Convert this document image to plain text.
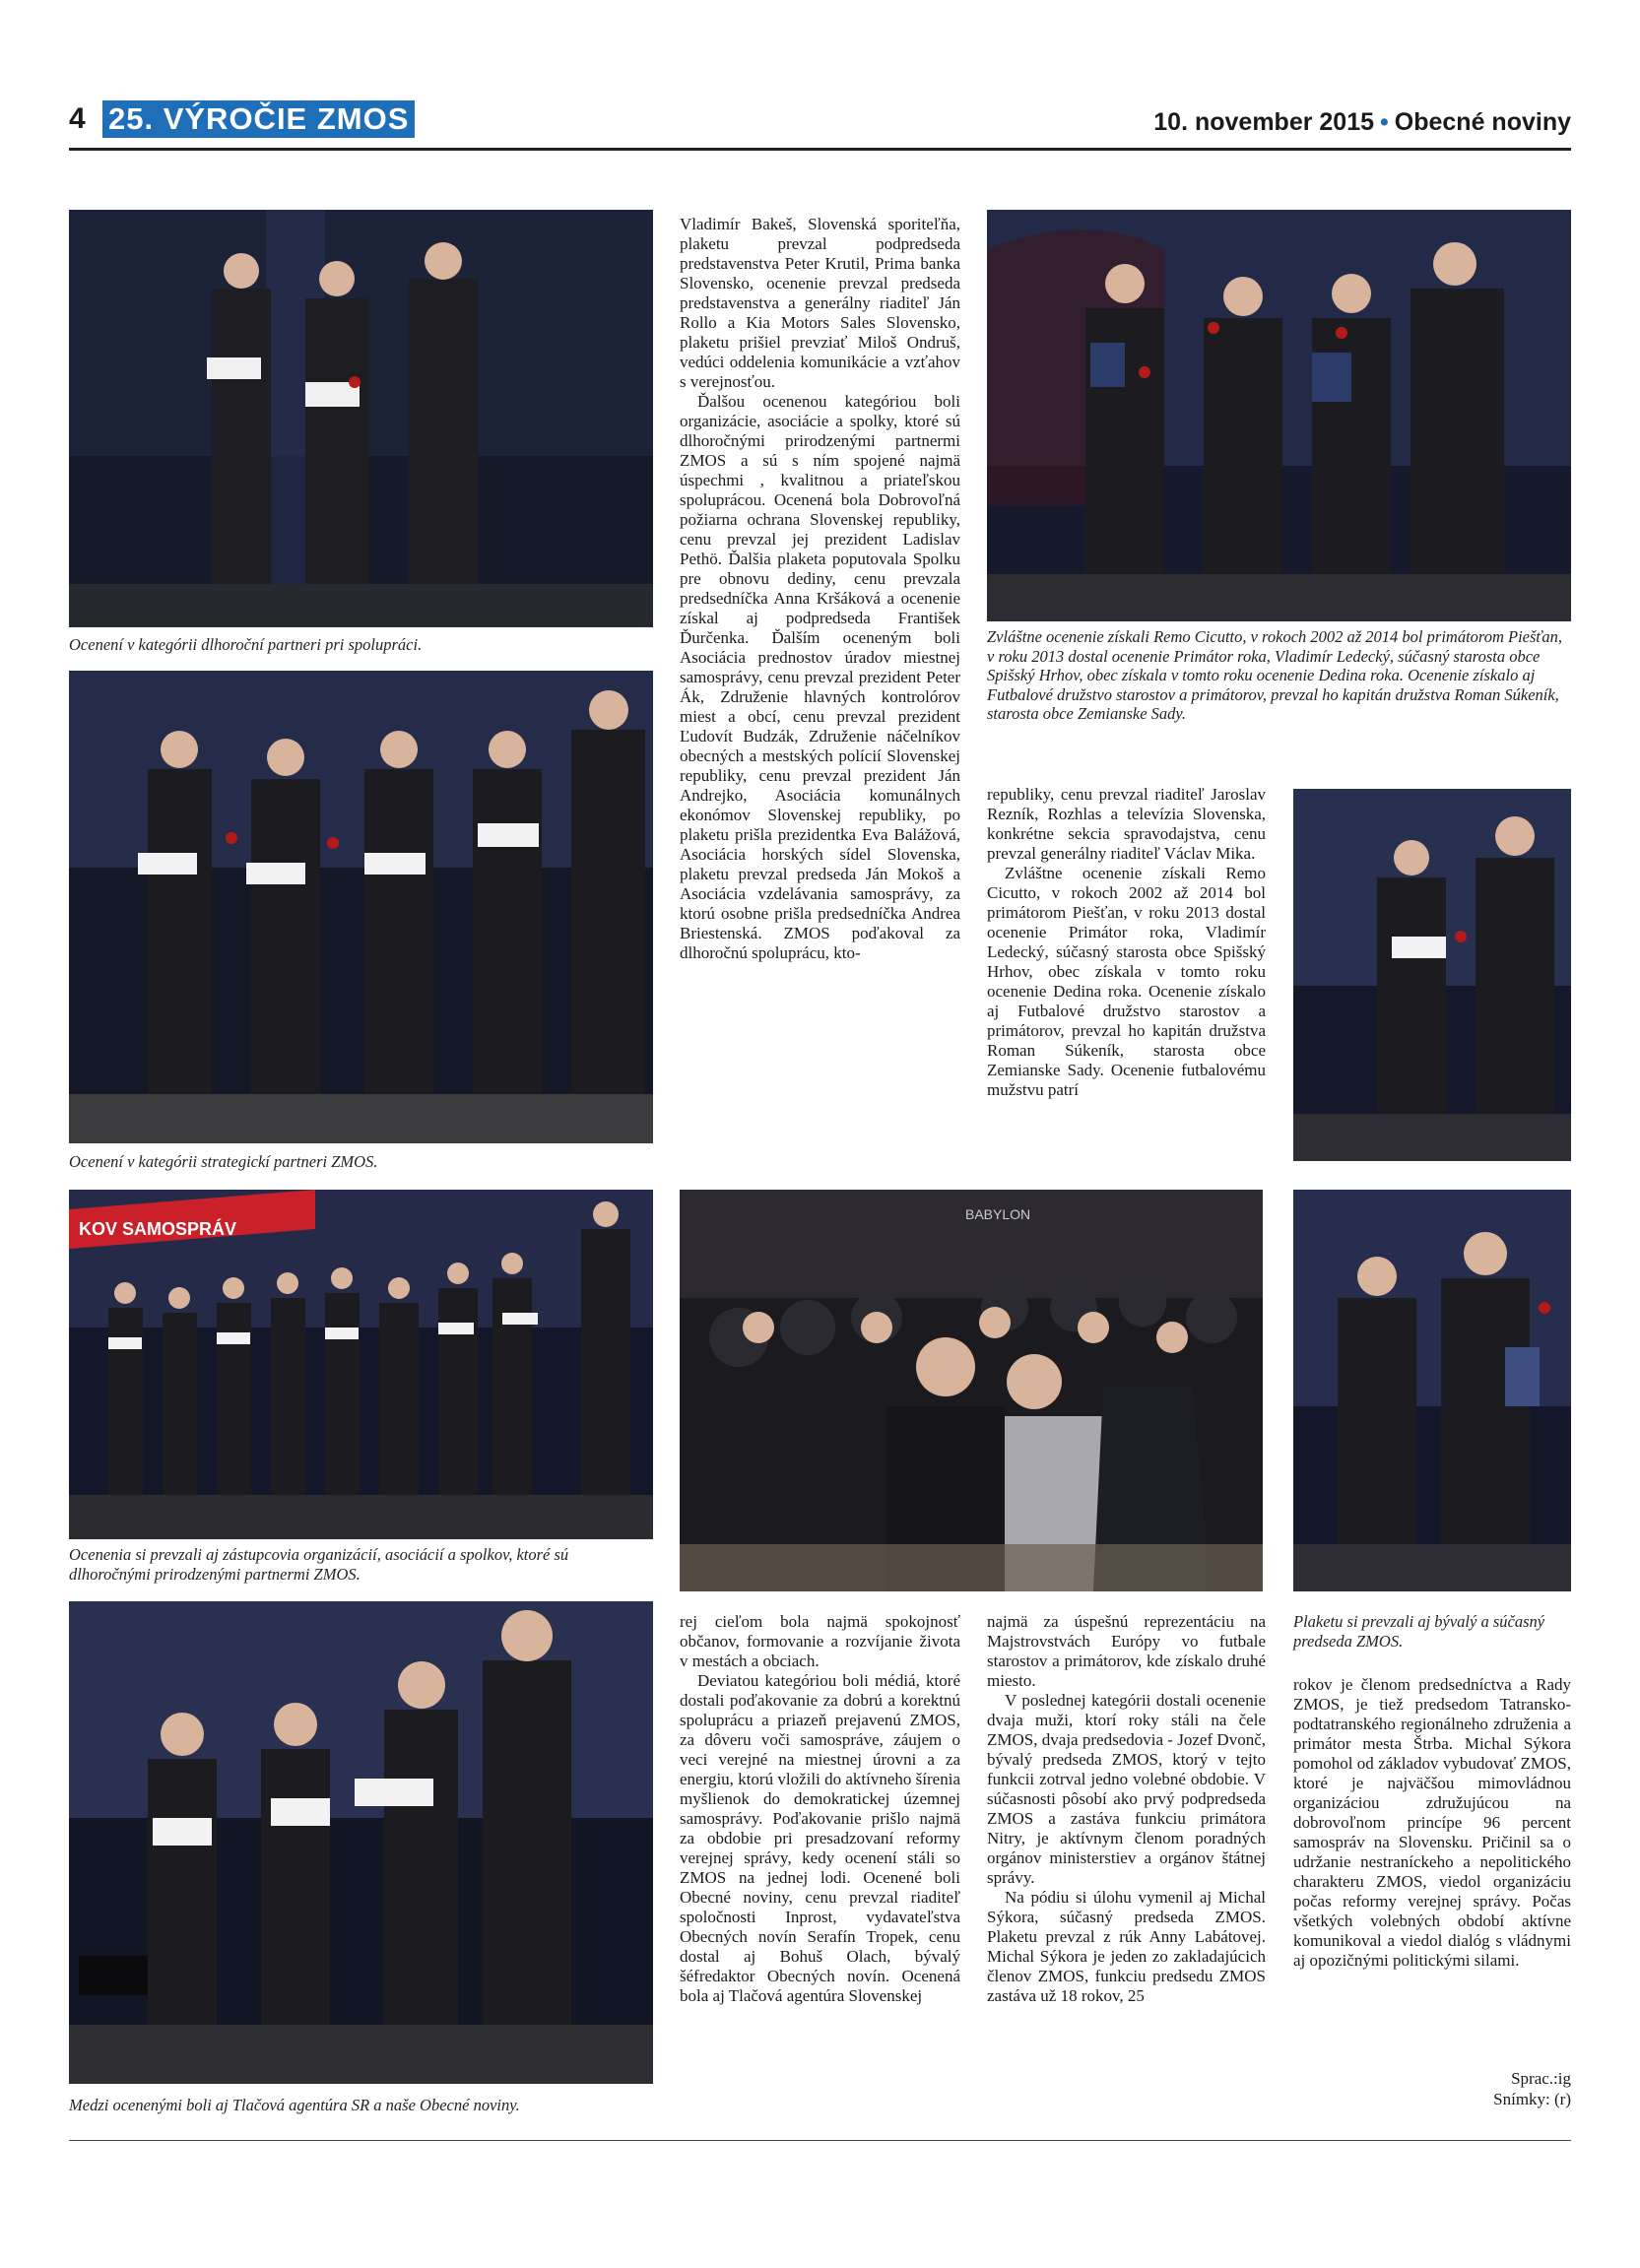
4 25. VÝROČIE ZMOS	10. november 2015 • Obecné noviny
Ocenení v kategórii dlhoroční partneri pri spolupráci.
Ocenení v kategórii strategickí partneri ZMOS.
KOV SAMOSPRÁV
Ocenenia si prevzali aj zástupcovia organizácií, asociácií a spolkov, ktoré sú dlhoročnými prirodzenými partnermi ZMOS.
Medzi ocenenými boli aj Tlačová agentúra SR a naše Obecné noviny.

Vladimír Bakeš, Slovenská sporiteľňa, plaketu prevzal podpredseda predstavenstva Peter Krutil, Prima banka Slovensko, ocenenie prevzal predseda predstavenstva a generálny riaditeľ Ján Rollo a Kia Motors Sales Slovensko, plaketu prišiel prevziať Miloš Ondruš, vedúci oddelenia komunikácie a vzťahov s verejnosťou.

Ďalšou ocenenou kategóriou boli organizácie, asociácie a spolky, ktoré sú dlhoročnými prirodzenými partnermi ZMOS a sú s ním spojené najmä úspechmi , kvalitnou a priateľskou spoluprácou. Ocenená bola Dobrovoľná požiarna ochrana Slovenskej republiky, cenu prevzal jej prezident Ladislav Pethö. Ďalšia plaketa poputovala Spolku pre obnovu dediny, cenu prevzala predsedníčka Anna Kršáková a ocenenie získal aj podpredseda František Ďurčenka. Ďalším oceneným boli Asociácia prednostov úradov miestnej samosprávy, cenu prevzal prezident Peter Ák, Združenie hlavných kontrolórov miest a obcí, cenu prevzal prezident Ľudovít Budzák, Združenie náčelníkov obecných a mestských polícií Slovenskej republiky, cenu prevzal prezident Ján Andrejko, Asociácia komunálnych ekonómov Slovenskej republiky, po plaketu prišla prezidentka Eva Balážová, Asociácia horských sídel Slovenska, plaketu prevzal predseda Ján Mokoš a Asociácia vzdelávania samosprávy, za ktorú osobne prišla predsedníčka Andrea Briestenská. ZMOS poďakoval za dlhoročnú spoluprácu, kto-

Zvláštne ocenenie získali Remo Cicutto, v rokoch 2002 až 2014 bol primátorom Piešťan, v roku 2013 dostal ocenenie Primátor roka, Vladimír Ledecký, súčasný starosta obce Spišský Hrhov, obec získala v tomto roku ocenenie Dedina roka. Ocenenie získalo aj Futbalové družstvo starostov a primátorov, prevzal ho kapitán družstva Roman Súkeník, starosta obce Zemianske Sady.

republiky, cenu prevzal riaditeľ Jaroslav Rezník, Rozhlas a televízia Slovenska, konkrétne sekcia spravodajstva, cenu prevzal generálny riaditeľ Václav Mika.

Zvláštne ocenenie získali Remo Cicutto, v rokoch 2002 až 2014 bol primátorom Piešťan, v roku 2013 dostal ocenenie Primátor roka, Vladimír Ledecký, súčasný starosta obce Spišský Hrhov, obec získala v tomto roku ocenenie Dedina roka. Ocenenie získalo aj Futbalové družstvo starostov a primátorov, prevzal ho kapitán družstva Roman Súkeník, starosta obce Zemianske Sady. Ocenenie futbalovému mužstvu patrí

BABYLON
Plaketu si prevzali aj bývalý a súčasný predseda ZMOS.

rej cieľom bola najmä spokojnosť občanov, formovanie a rozvíjanie života v mestách a obciach.

Deviatou kategóriou boli médiá, ktoré dostali poďakovanie za dobrú a korektnú spoluprácu a priazeň prejavenú ZMOS, za dôveru voči samospráve, záujem o veci verejné na miestnej úrovni a za energiu, ktorú vložili do aktívneho šírenia myšlienok do demokratickej územnej samosprávy. Poďakovanie prišlo najmä za obdobie pri presadzovaní reformy verejnej správy, kedy ocenení stáli so ZMOS na jednej lodi. Ocenené boli Obecné noviny, cenu prevzal riaditeľ spoločnosti Inprost, vydavateľstva Obecných novín Serafín Tropek, cenu dostal aj Bohuš Olach, bývalý šéfredaktor Obecných novín. Ocenená bola aj Tlačová agentúra Slovenskej

najmä za úspešnú reprezentáciu na Majstrovstvách Európy vo futbale starostov a primátorov, kde získalo druhé miesto.

V poslednej kategórii dostali ocenenie dvaja muži, ktorí roky stáli na čele ZMOS, dvaja predsedovia - Jozef Dvonč, bývalý predseda ZMOS, ktorý v tejto funkcii zotrval jedno volebné obdobie. V súčasnosti pôsobí ako prvý podpredseda ZMOS a zastáva funkciu primátora Nitry, je aktívnym členom poradných orgánov ministerstiev a orgánov štátnej správy.

Na pódiu si úlohu vymenil aj Michal Sýkora, súčasný predseda ZMOS. Plaketu prevzal z rúk Anny Labátovej. Michal Sýkora je jeden zo zakladajúcich členov ZMOS, funkciu predsedu ZMOS zastáva už 18 rokov, 25

rokov je členom predsedníctva a Rady ZMOS, je tiež predsedom Tatransko-podtatranského regionálneho združenia a primátor mesta Štrba. Michal Sýkora pomohol od základov vybudovať ZMOS, ktoré je najväčšou mimovládnou organizáciou združujúcou na dobrovoľnom princípe 96 percent samospráv na Slovensku. Pričinil sa o udržanie nestraníckeho a nepolitického charakteru ZMOS, viedol organizáciu počas reformy verejnej správy. Počas všetkých volebných období aktívne komunikoval a viedol dialóg s vládnymi aj opozičnými politickými silami.

Sprac.:ig
Snímky: (r)
